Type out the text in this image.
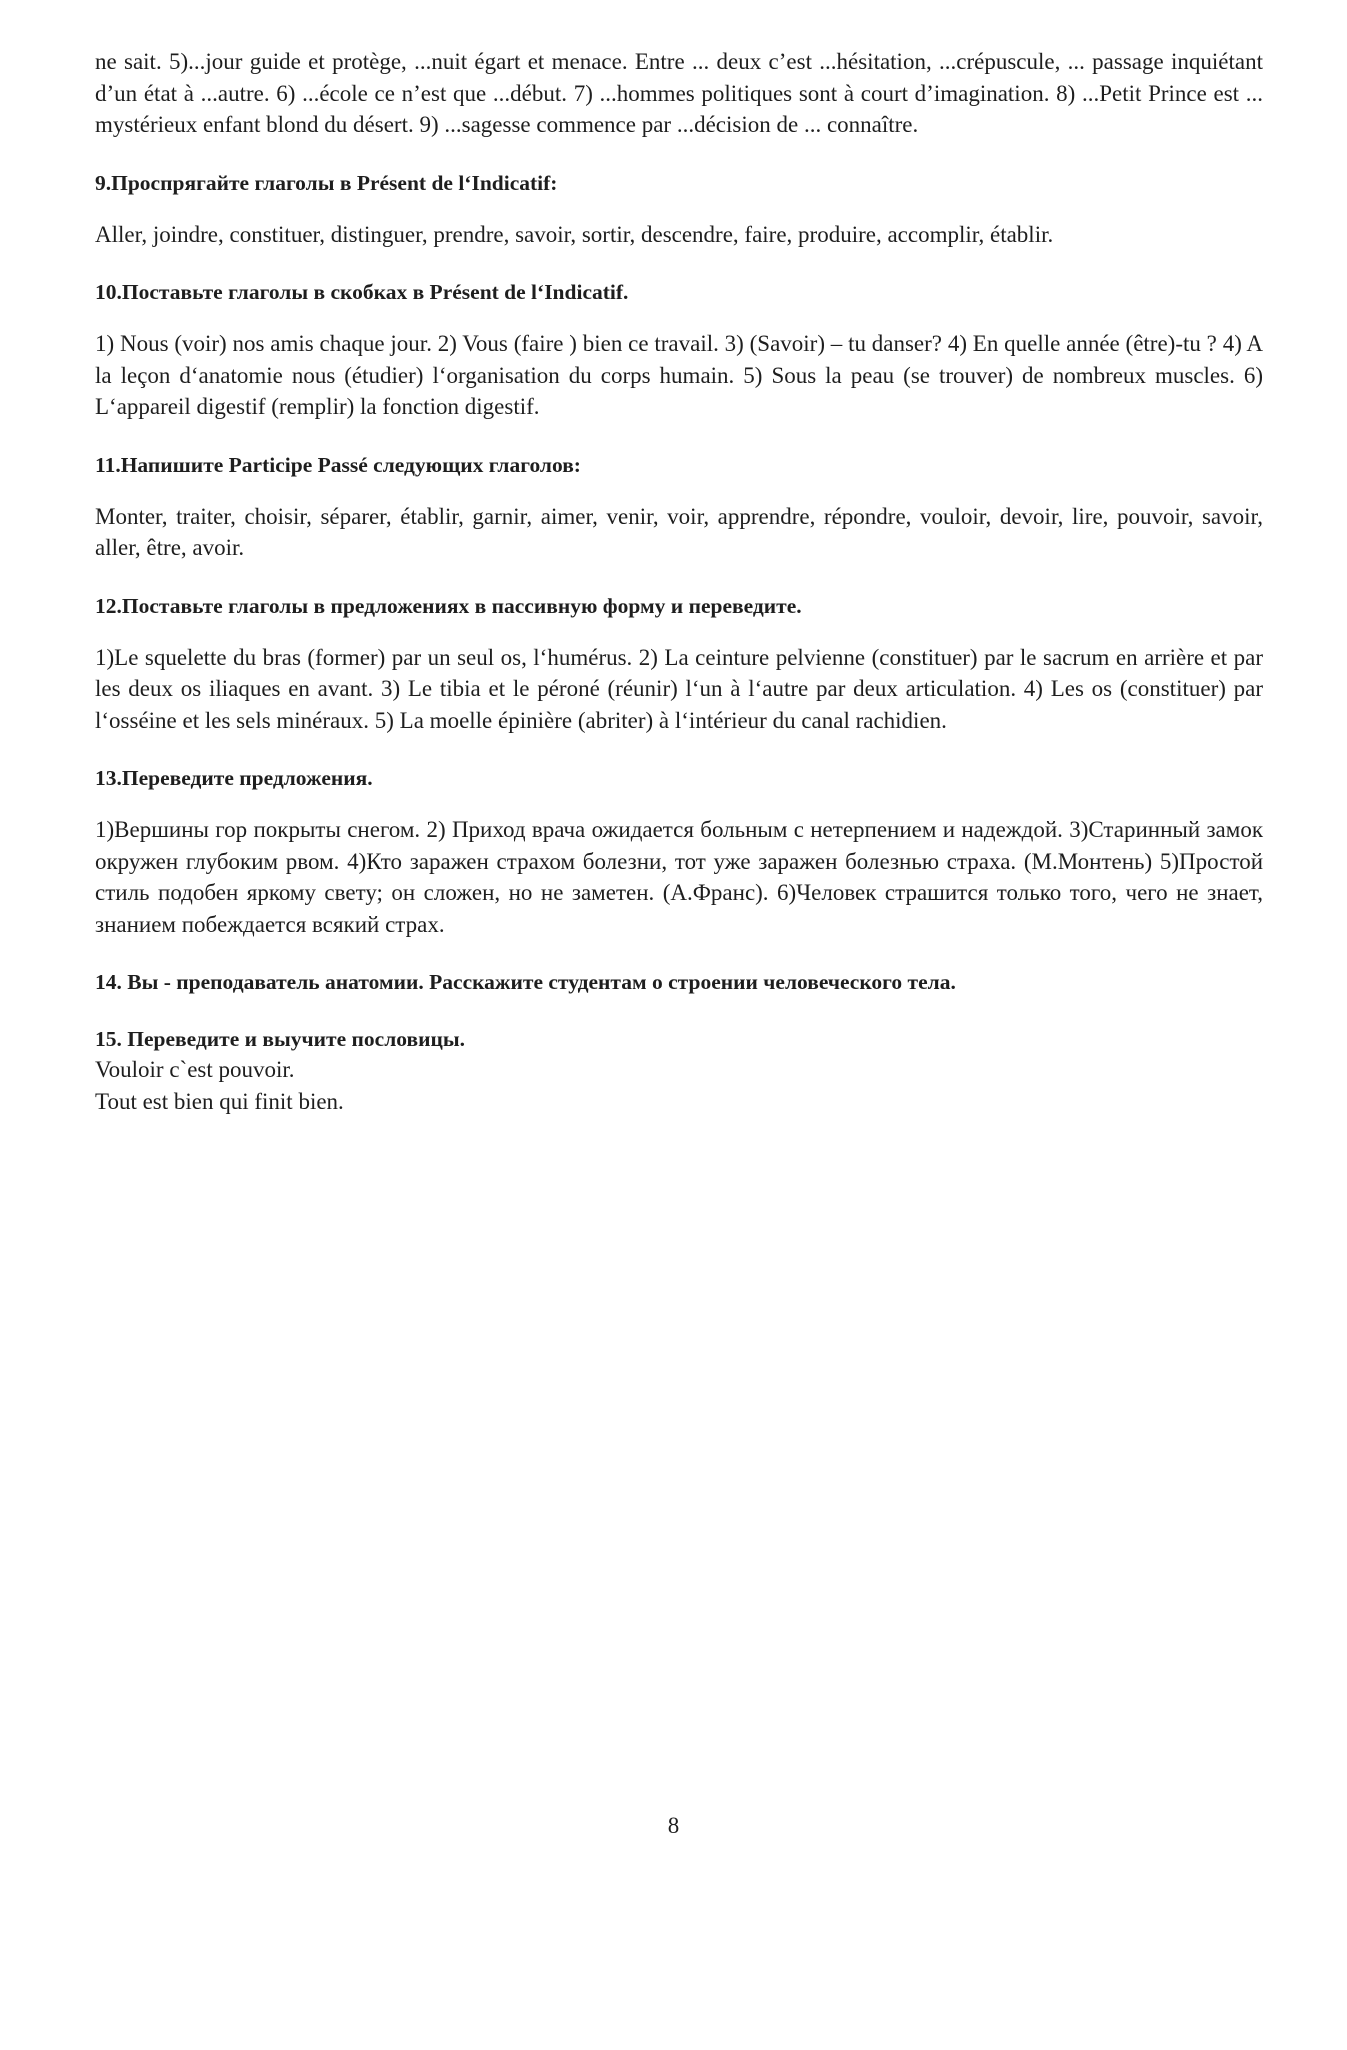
ne sait. 5)...jour guide et protège, ...nuit égart et menace. Entre ... deux c’est ...hésitation, ...crépuscule, ... passage inquiétant d’un état à ...autre. 6) ...école ce n’est que ...début. 7) ...hommes politiques sont à court d’imagination. 8) ...Petit Prince est ... mystérieux enfant blond du désert. 9) ...sagesse commence par ...décision de ... connaître.

9.Проспрягайте глаголы в Présent de l‘Indicatif:

Aller, joindre, constituer, distinguer, prendre, savoir, sortir, descendre, faire, produire, accomplir, établir.

10.Поставьте глаголы в скобках в Présent de l‘Indicatif.

1) Nous (voir) nos amis chaque jour. 2) Vous (faire ) bien ce travail. 3) (Savoir) – tu danser? 4) En quelle année (être)-tu ? 4) A la leçon d‘anatomie nous (étudier) l‘organisation du corps humain. 5) Sous la peau (se trouver) de nombreux muscles. 6) L‘appareil digestif (remplir) la fonction digestif.

11.Напишите Participe Passé следующих глаголов:

Monter, traiter, choisir, séparer, établir, garnir, aimer, venir, voir, apprendre, répondre, vouloir, devoir, lire, pouvoir, savoir, aller, être, avoir.

12.Поставьте глаголы в предложениях в пассивную форму и переведите.

1)Le squelette du bras (former) par un seul os, l‘humérus. 2) La ceinture pelvienne (constituer) par le sacrum en arrière et par les deux os iliaques en avant. 3) Le tibia et le péroné (réunir) l‘un à l‘autre par deux articulation. 4) Les os (constituer) par l‘osséine et les sels minéraux. 5) La moelle épinière (abriter) à l‘intérieur du canal rachidien.

13.Переведите предложения.

1)Вершины гор покрыты снегом. 2) Приход врача ожидается больным с нетерпением и надеждой. 3)Старинный замок окружен глубоким рвом. 4)Кто заражен страхом болезни, тот уже заражен болезнью страха. (М.Монтень) 5)Простой стиль подобен яркому свету; он сложен, но не заметен. (А.Франс). 6)Человек страшится только того, чего не знает, знанием побеждается всякий страх.

14. Вы - преподаватель анатомии. Расскажите студентам о строении человеческого тела.

15. Переведите и выучите пословицы.

Vouloir c`est pouvoir.
Tout est bien qui finit bien.

8
